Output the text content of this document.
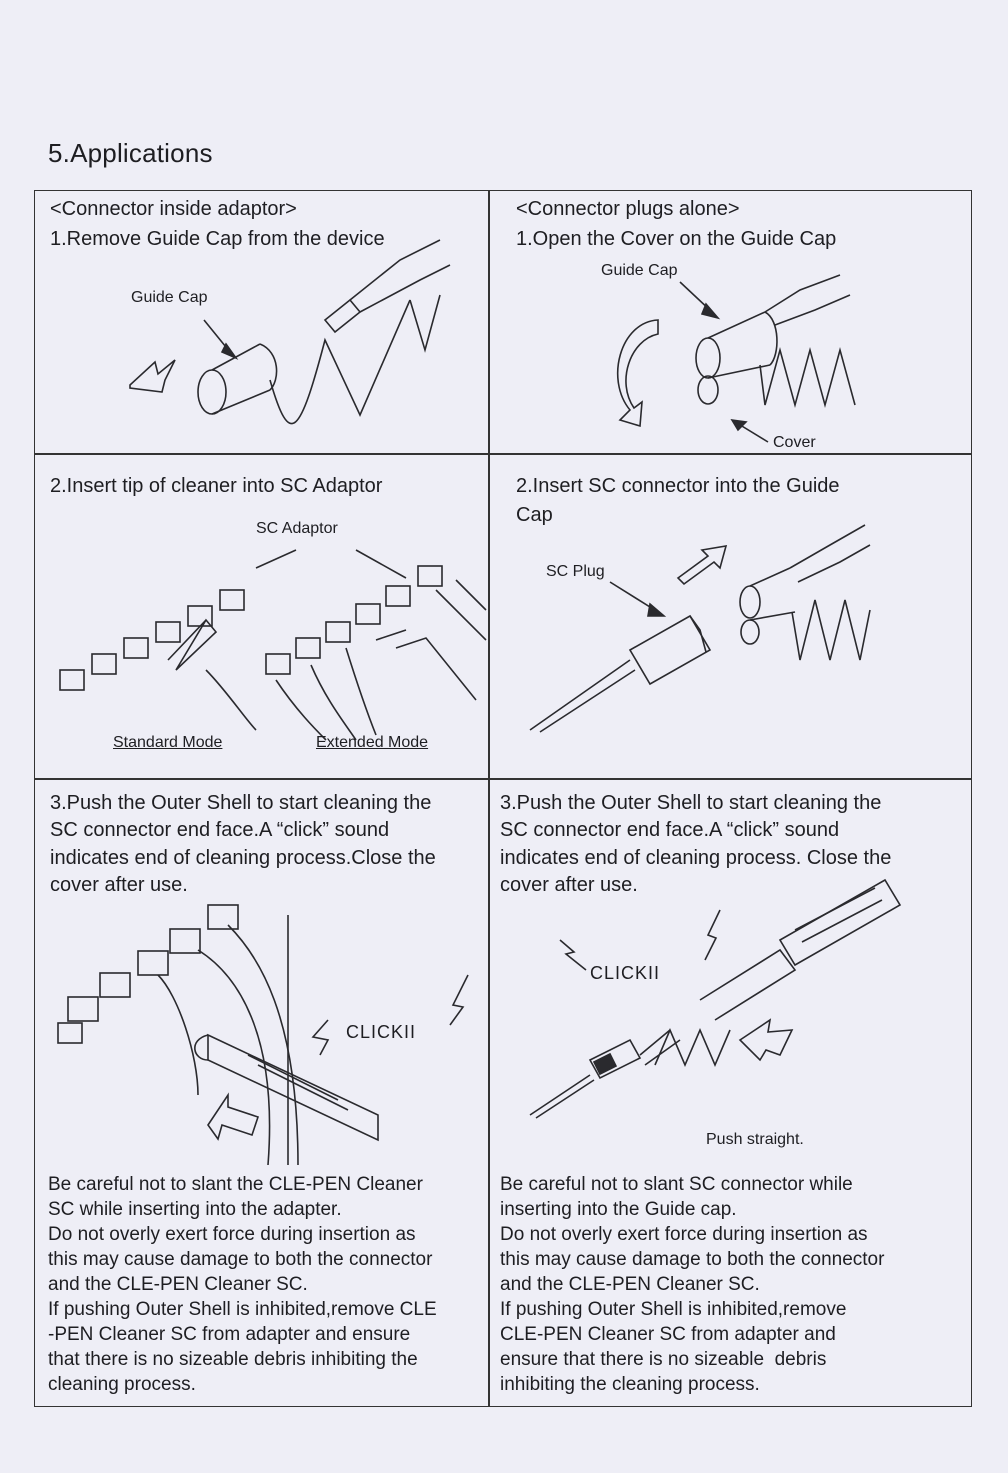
5.Applications
<Connector inside adaptor>
1.Remove Guide Cap from the device
Guide Cap
<Connector plugs alone>
1.Open the Cover on the Guide Cap
Guide Cap
Cover
2.Insert tip of cleaner into SC Adaptor
SC Adaptor
Standard Mode	Extended Mode
2.Insert SC connector into the Guide
Cap
SC Plug
3.Push the Outer Shell to start cleaning the
SC connector end face.A “click” sound
indicates end of cleaning process.Close the
cover after use.
CLICKII
Be careful not to slant the CLE-PEN Cleaner
SC while inserting into the adapter.
Do not overly exert force during insertion as
this may cause damage to both the connector
and the CLE-PEN Cleaner SC.
If pushing Outer Shell is inhibited,remove CLE
-PEN Cleaner SC from adapter and ensure
that there is no sizeable debris inhibiting the
cleaning process.
3.Push the Outer Shell to start cleaning the
SC connector end face.A “click” sound
indicates end of cleaning process. Close the
cover after use.
CLICKII
Push straight.
Be careful not to slant SC connector while
inserting into the Guide cap.
Do not overly exert force during insertion as
this may cause damage to both the connector
and the CLE-PEN Cleaner SC.
If pushing Outer Shell is inhibited,remove
CLE-PEN Cleaner SC from adapter and
ensure that there is no sizeable  debris
inhibiting the cleaning process.
